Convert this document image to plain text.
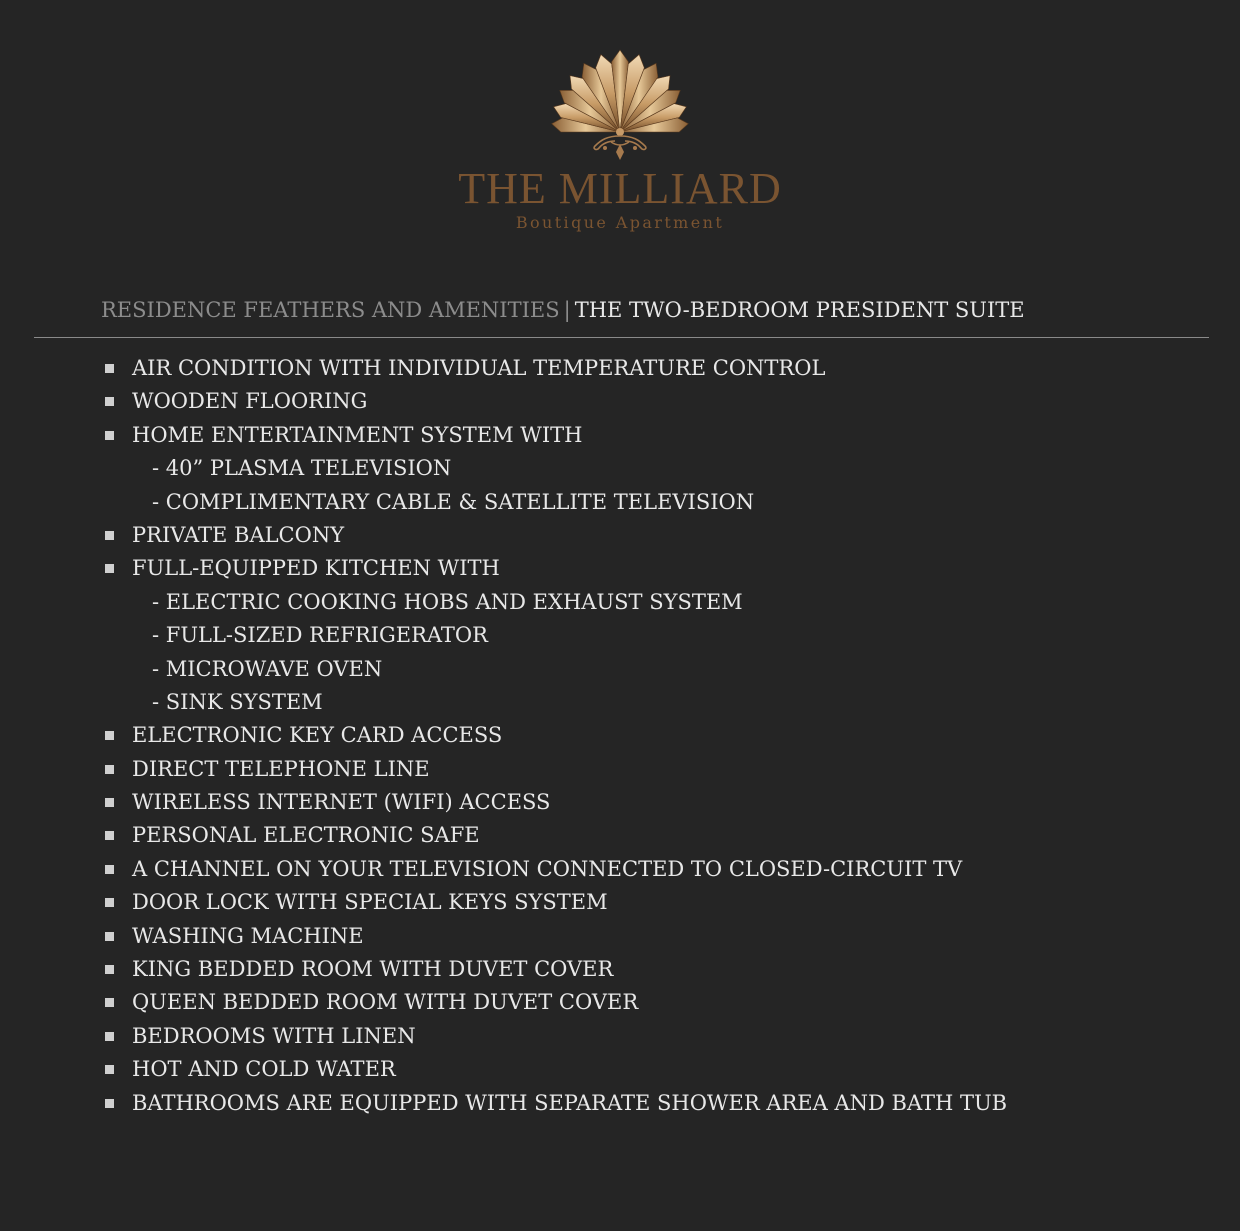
THE MILLIARD
Boutique Apartment
RESIDENCE FEATHERS AND AMENITIES | THE TWO-BEDROOM PRESIDENT SUITE
AIR CONDITION WITH INDIVIDUAL TEMPERATURE CONTROL
WOODEN FLOORING
HOME ENTERTAINMENT SYSTEM WITH
- 40” PLASMA TELEVISION
- COMPLIMENTARY CABLE & SATELLITE TELEVISION
PRIVATE BALCONY
FULL-EQUIPPED KITCHEN WITH
- ELECTRIC COOKING HOBS AND EXHAUST SYSTEM
- FULL-SIZED REFRIGERATOR
- MICROWAVE OVEN
- SINK SYSTEM
ELECTRONIC KEY CARD ACCESS
DIRECT TELEPHONE LINE
WIRELESS INTERNET (WIFI) ACCESS
PERSONAL ELECTRONIC SAFE
A CHANNEL ON YOUR TELEVISION CONNECTED TO CLOSED-CIRCUIT TV
DOOR LOCK WITH SPECIAL KEYS SYSTEM
WASHING MACHINE
KING BEDDED ROOM WITH DUVET COVER
QUEEN BEDDED ROOM WITH DUVET COVER
BEDROOMS WITH LINEN
HOT AND COLD WATER
BATHROOMS ARE EQUIPPED WITH SEPARATE SHOWER AREA AND BATH TUB
